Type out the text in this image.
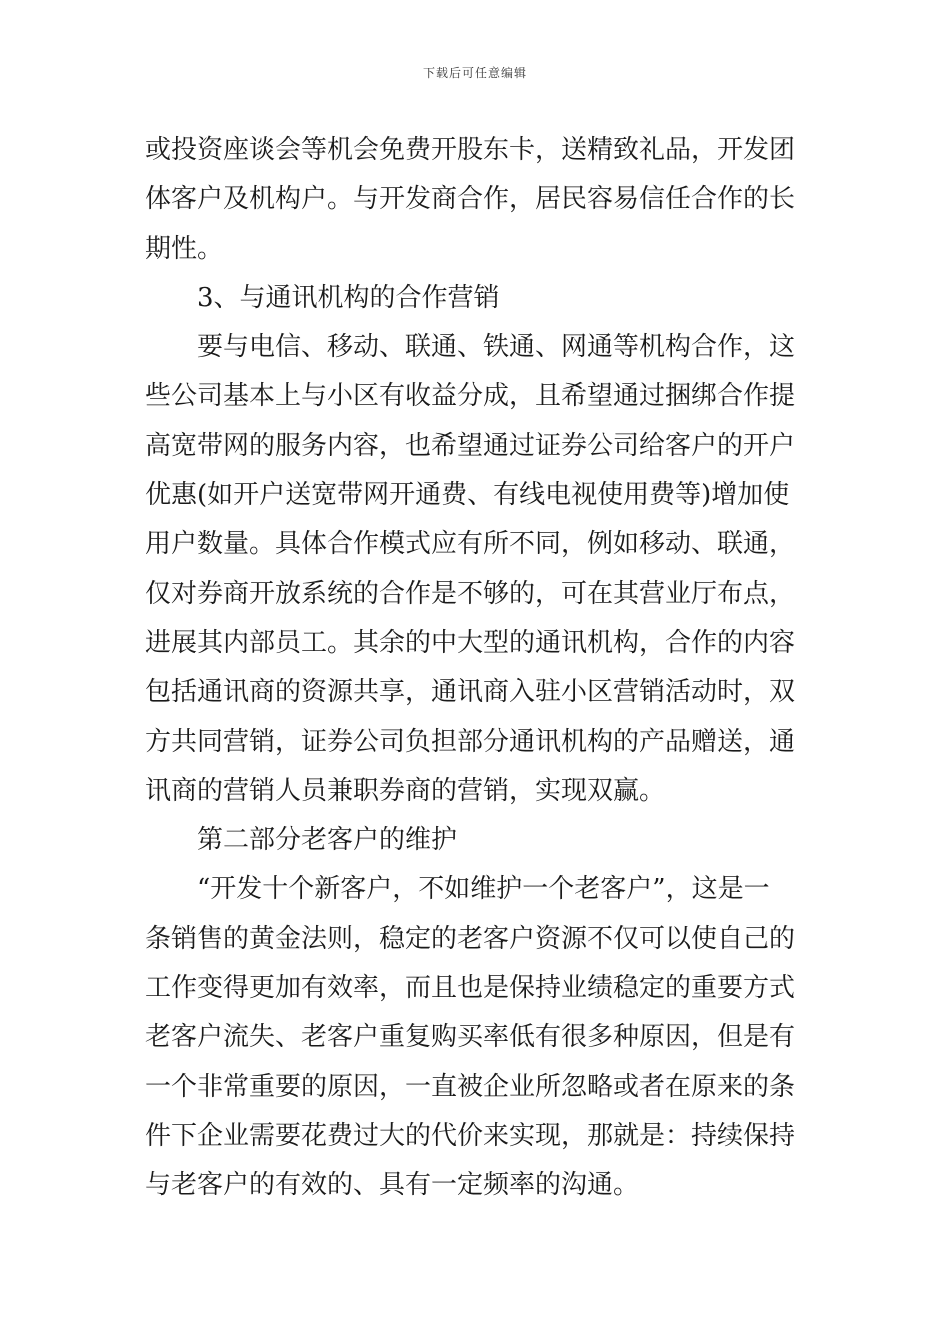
下载后可任意编辑
或投资座谈会等机会免费开股东卡，送精致礼品，开发团
体客户及机构户。与开发商合作，居民容易信任合作的长
期性。
3、与通讯机构的合作营销
要与电信、移动、联通、铁通、网通等机构合作，这
些公司基本上与小区有收益分成，且希望通过捆绑合作提
高宽带网的服务内容，也希望通过证券公司给客户的开户
优惠(如开户送宽带网开通费、有线电视使用费等)增加使
用户数量。具体合作模式应有所不同，例如移动、联通，
仅对券商开放系统的合作是不够的，可在其营业厅布点，
进展其内部员工。其余的中大型的通讯机构，合作的内容
包括通讯商的资源共享，通讯商入驻小区营销活动时，双
方共同营销，证券公司负担部分通讯机构的产品赠送，通
讯商的营销人员兼职券商的营销，实现双赢。
第二部分老客户的维护
“开发十个新客户，不如维护一个老客户”，这是一
条销售的黄金法则，稳定的老客户资源不仅可以使自己的
工作变得更加有效率，而且也是保持业绩稳定的重要方式
老客户流失、老客户重复购买率低有很多种原因，但是有
一个非常重要的原因，一直被企业所忽略或者在原来的条
件下企业需要花费过大的代价来实现，那就是：持续保持
与老客户的有效的、具有一定频率的沟通。
